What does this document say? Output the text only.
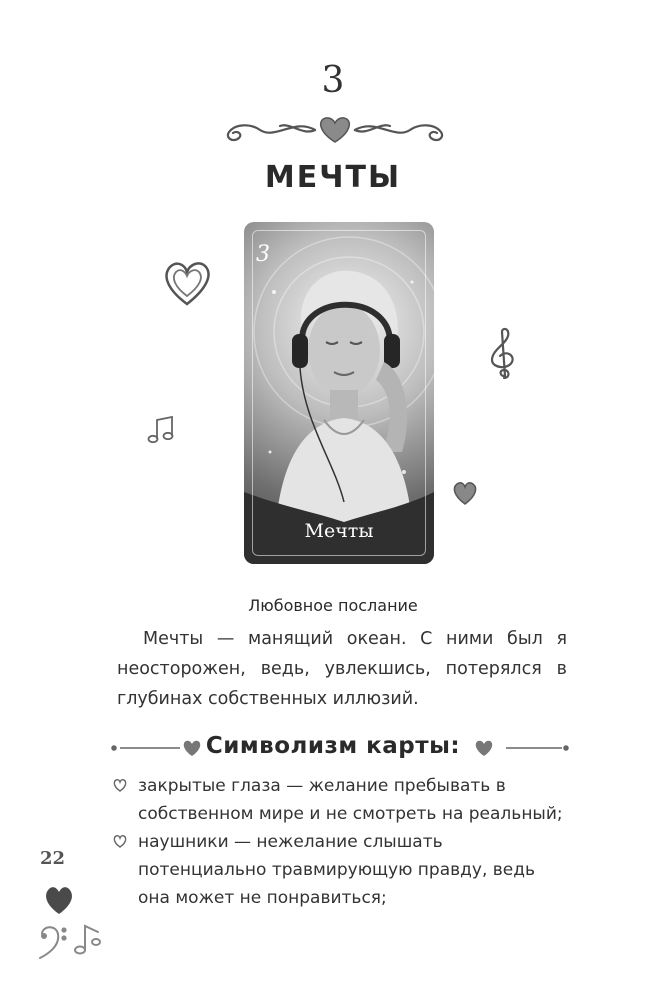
3
МЕЧТЫ
3
Мечты
Любовное послание
Мечты — манящий океан. С ними был я неосторожен, ведь, увлекшись, потерялся в глубинах собственных иллюзий.
Символизм карты:
закрытые глаза — желание пребывать в собственном мире и не смотреть на реальный;
наушники — нежелание слышать потенциально травмирующую правду, ведь она может не понравиться;
22
